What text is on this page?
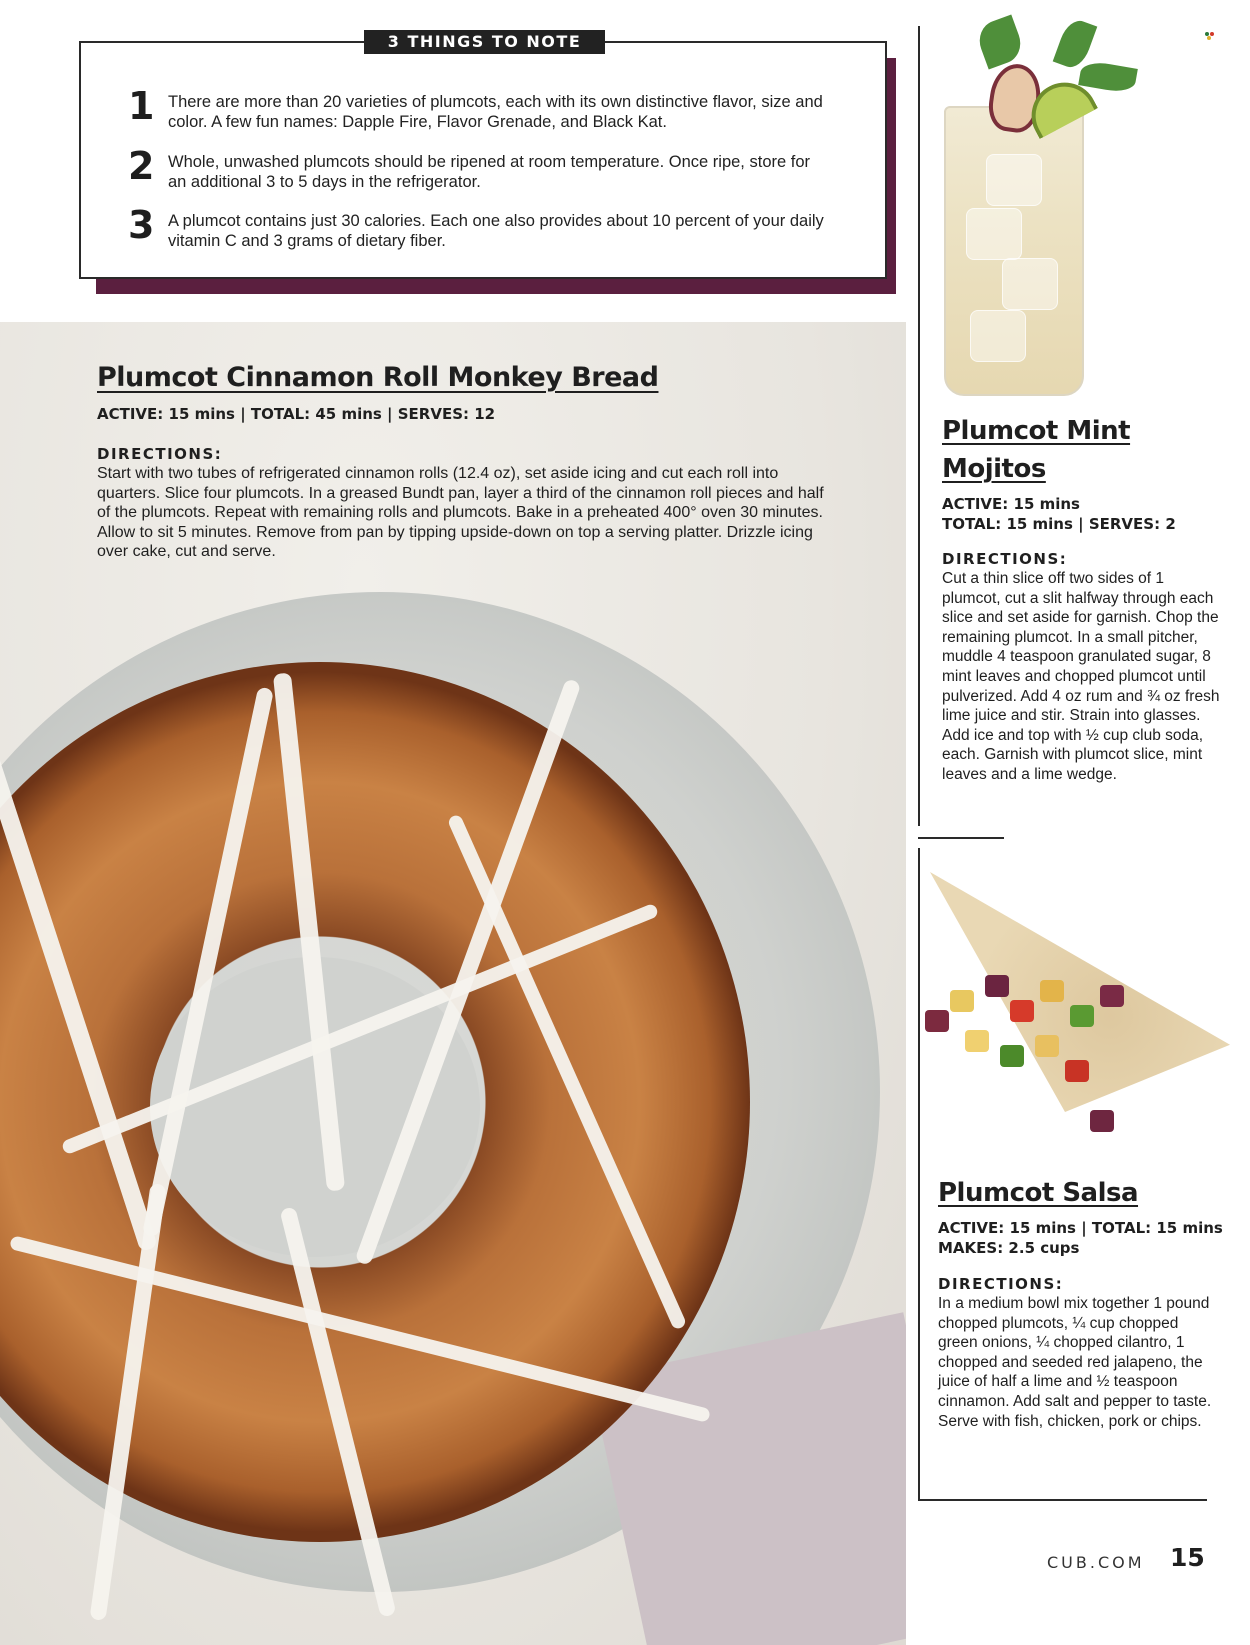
3 THINGS TO NOTE
1 There are more than 20 varieties of plumcots, each with its own distinctive flavor, size and color. A few fun names: Dapple Fire, Flavor Grenade, and Black Kat.
2 Whole, unwashed plumcots should be ripened at room temperature. Once ripe, store for an additional 3 to 5 days in the refrigerator.
3 A plumcot contains just 30 calories. Each one also provides about 10 percent of your daily vitamin C and 3 grams of dietary fiber.
Plumcot Cinnamon Roll Monkey Bread
ACTIVE: 15 mins | TOTAL: 45 mins | SERVES: 12
DIRECTIONS:
Start with two tubes of refrigerated cinnamon rolls (12.4 oz), set aside icing and cut each roll into quarters. Slice four plumcots. In a greased Bundt pan, layer a third of the cinnamon roll pieces and half of the plumcots. Repeat with remaining rolls and plumcots. Bake in a preheated 400° oven 30 minutes. Allow to sit 5 minutes. Remove from pan by tipping upside-down on top a serving platter. Drizzle icing over cake, cut and serve.
Plumcot Mint Mojitos
ACTIVE: 15 mins
TOTAL: 15 mins | SERVES: 2
DIRECTIONS:
Cut a thin slice off two sides of 1 plumcot, cut a slit halfway through each slice and set aside for garnish. Chop the remaining plumcot. In a small pitcher, muddle 4 teaspoon granulated sugar, 8 mint leaves and chopped plumcot until pulverized. Add 4 oz rum and ¾ oz fresh lime juice and stir. Strain into glasses. Add ice and top with ½ cup club soda, each. Garnish with plumcot slice, mint leaves and a lime wedge.
Plumcot Salsa
ACTIVE: 15 mins | TOTAL: 15 mins
MAKES: 2.5 cups
DIRECTIONS:
In a medium bowl mix together 1 pound chopped plumcots, ¼ cup chopped green onions, ¼ chopped cilantro, 1 chopped and seeded red jalapeno, the juice of half a lime and ½ teaspoon cinnamon. Add salt and pepper to taste. Serve with fish, chicken, pork or chips.
CUB.COM 15
